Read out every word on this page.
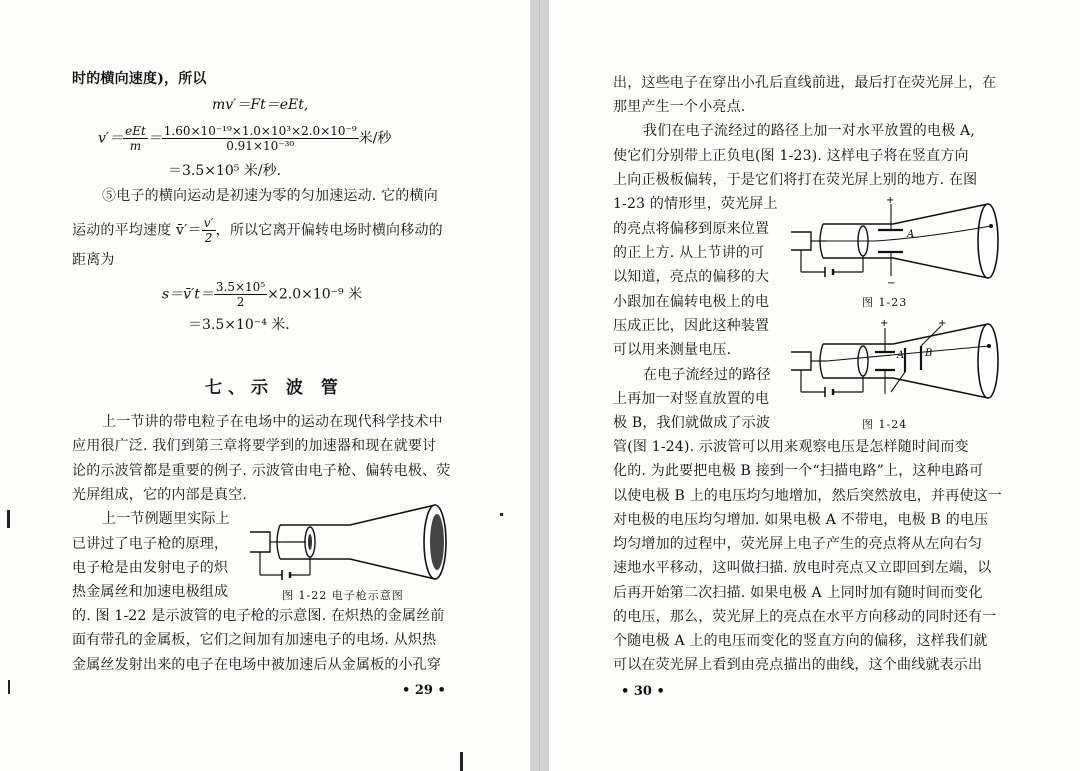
时的横向速度)，所以
mv′＝Ft＝eEt,
$v'= \frac{\text{eEt}}{m} = \frac{\text{1.60×10⁻¹⁹×1.0×10³×2.0×10⁻⁹}}{\text{0.91×10⁻³⁰}}$ 米/秒
＝3.5×10⁵ 米/秒.
⑤电子的横向运动是初速为零的匀加速运动. 它的横向
运动的平均速度 v̄′＝ $\frac{v'}{2}$ ，所以它离开偏转电场时横向移动的
距离为
s＝v̄′t＝ $\frac{\text{3.5×10⁵}}{2} \times 2.0\times 10^{-9}$ 米
＝3.5×10⁻⁴ 米.
七、示 波 管
上一节讲的带电粒子在电场中的运动在现代科学技术中
应用很广泛. 我们到第三章将要学到的加速器和现在就要讨
论的示波管都是重要的例子. 示波管由电子枪、偏转电极、荧
光屏组成，它的内部是真空.
上一节例题里实际上
已讲过了电子枪的原理，
电子枪是由发射电子的炽
热金属丝和加速电极组成
的. 图 1-22 是示波管的电子枪的示意图. 在炽热的金属丝前
面有带孔的金属板，它们之间加有加速电子的电场. 从炽热
金属丝发射出来的电子在电场中被加速后从金属板的小孔穿
图 1-22 电子枪示意图
• 29 •
出，这些电子在穿出小孔后直线前进，最后打在荧光屏上，在
那里产生一个小亮点.
我们在电子流经过的路径上加一对水平放置的电极 A,
使它们分别带上正负电(图 1-23). 这样电子将在竖直方向
上向正极板偏转，于是它们将打在荧光屏上别的地方. 在图
1-23 的情形里，荧光屏上
的亮点将偏移到原来位置
的正上方. 从上节讲的可
以知道，亮点的偏移的大
小跟加在偏转电极上的电
压成正比，因此这种装置
可以用来测量电压.
在电子流经过的路径
上再加一对竖直放置的电
极 B，我们就做成了示波
管(图 1-24). 示波管可以用来观察电压是怎样随时间而变
化的. 为此要把电极 B 接到一个“扫描电路”上，这种电路可
以使电极 B 上的电压均匀地增加，然后突然放电，并再使这一
对电极的电压均匀增加. 如果电极 A 不带电，电极 B 的电压
均匀增加的过程中，荧光屏上电子产生的亮点将从左向右匀
速地水平移动，这叫做扫描. 放电时亮点又立即回到左端，以
后再开始第二次扫描. 如果电极 A 上同时加有随时间而变化
的电压，那么，荧光屏上的亮点在水平方向移动的同时还有一
个随电极 A 上的电压而变化的竖直方向的偏移，这样我们就
可以在荧光屏上看到由亮点描出的曲线，这个曲线就表示出
+
−
A
图 1-23
+	+
A B
图 1-24
• 30 •
